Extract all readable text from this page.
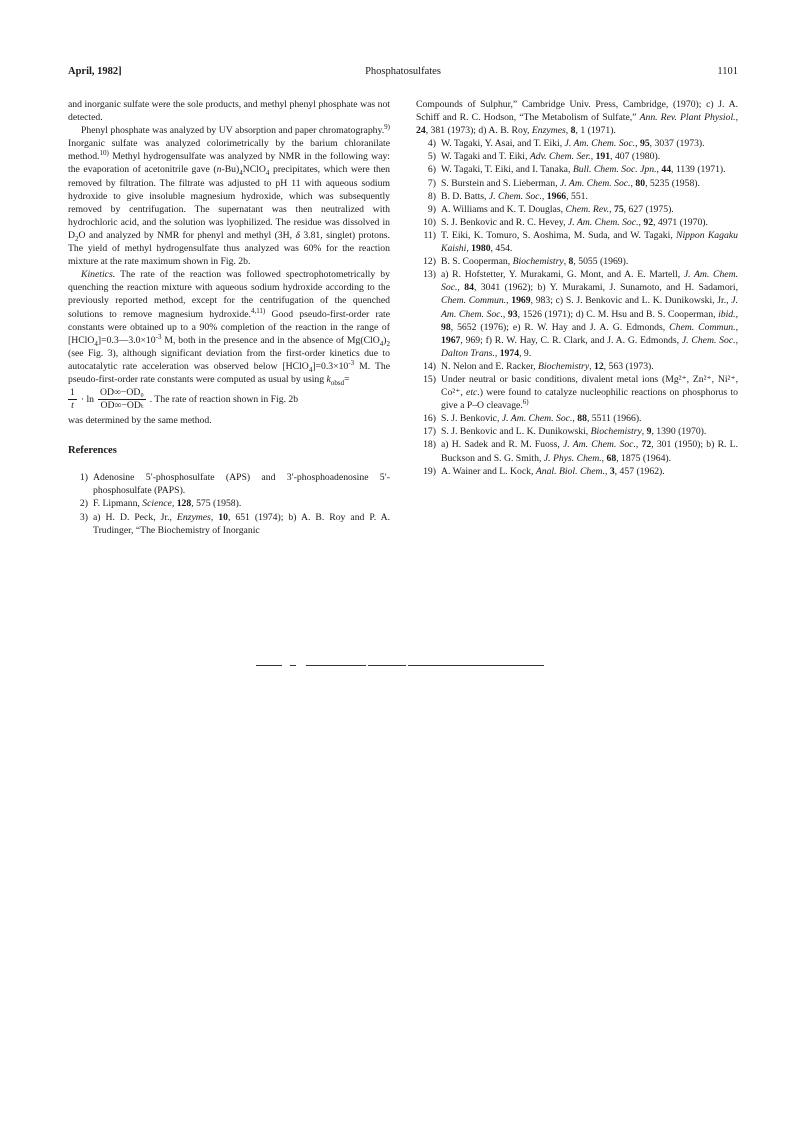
April, 1982]	Phosphatosulfates	1101

and inorganic sulfate were the sole products, and methyl phenyl phosphate was not detected.

Phenyl phosphate was analyzed by UV absorption and paper chromatography.$^{9)}$ Inorganic sulfate was analyzed colorimetrically by the barium chloranilate method.$^{10)}$ Methyl hydrogensulfate was analyzed by NMR in the following way: the evaporation of acetonitrile gave $(n-Bu)_4NClO_4$ precipitates, which were then removed by filtration. The filtrate was adjusted to pH 11 with aqueous sodium hydroxide to give insoluble magnesium hydroxide, which was subsequently removed by centrifugation. The supernatant was then neutralized with hydrochloric acid, and the solution was lyophilized. The residue was dissolved in $D_2O$ and analyzed by NMR for phenyl and methyl (3H, δ 3.81, singlet) protons. The yield of methyl hydrogensulfate thus analyzed was 60% for the reaction mixture at the rate maximum shown in Fig. 2b.

Kinetics. The rate of the reaction was followed spectrophotometrically by quenching the reaction mixture with aqueous sodium hydroxide according to the previously reported method, except for the centrifugation of the quenched solutions to remove magnesium hydroxide.$^{4,11)}$ Good pseudo-first-order rate constants were obtained up to a 90% completion of the reaction in the range of $[HClO_4]=0.3—3.0\times 10^{-3}$ M, both in the presence and in the absence of $Mg(ClO_4)_2$ (see Fig. 3), although significant deviation from the first-order kinetics due to autocatalytic rate acceleration was observed below $[HClO_4]=0.3\times 10^{-3}$ M. The pseudo-first-order rate constants were computed as usual by using $k_{obsd}=$

$\frac{1}{t} \cdot \ln \frac{\text{OD∞−OD₀}}{\text{OD∞−ODₜ}}$ . The rate of reaction shown in Fig. 2b

was determined by the same method.

References
1) Adenosine 5′-phosphosulfate (APS) and 3′-phosphoadenosine 5′-phosphosulfate (PAPS).
2) F. Lipmann, Science, 128, 575 (1958).
3) a) H. D. Peck, Jr., Enzymes, 10, 651 (1974); b) A. B. Roy and P. A. Trudinger, “The Biochemistry of Inorganic

Compounds of Sulphur,” Cambridge Univ. Press, Cambridge, (1970); c) J. A. Schiff and R. C. Hodson, “The Metabolism of Sulfate,” Ann. Rev. Plant Physiol., 24, 381 (1973); d) A. B. Roy, Enzymes, 8, 1 (1971).

4) W. Tagaki, Y. Asai, and T. Eiki, J. Am. Chem. Soc., 95, 3037 (1973).
5) W. Tagaki and T. Eiki, Adv. Chem. Ser., 191, 407 (1980).
6) W. Tagaki, T. Eiki, and I. Tanaka, Bull. Chem. Soc. Jpn., 44, 1139 (1971).
7) S. Burstein and S. Lieberman, J. Am. Chem. Soc., 80, 5235 (1958).
8) B. D. Batts, J. Chem. Soc., 1966, 551.
9) A. Williams and K. T. Douglas, Chem. Rev., 75, 627 (1975).
10) S. J. Benkovic and R. C. Hevey, J. Am. Chem. Soc., 92, 4971 (1970).
11) T. Eiki, K. Tomuro, S. Aoshima, M. Suda, and W. Tagaki, Nippon Kagaku Kaishi, 1980, 454.
12) B. S. Cooperman, Biochemistry, 8, 5055 (1969).
13) a) R. Hofstetter, Y. Murakami, G. Mont, and A. E. Martell, J. Am. Chem. Soc., 84, 3041 (1962); b) Y. Murakami, J. Sunamoto, and H. Sadamori, Chem. Commun., 1969, 983; c) S. J. Benkovic and L. K. Dunikowski, Jr., J. Am. Chem. Soc., 93, 1526 (1971); d) C. M. Hsu and B. S. Cooperman, ibid., 98, 5652 (1976); e) R. W. Hay and J. A. G. Edmonds, Chem. Commun., 1967, 969; f) R. W. Hay, C. R. Clark, and J. A. G. Edmonds, J. Chem. Soc., Dalton Trans., 1974, 9.
14) N. Nelon and E. Racker, Biochemistry, 12, 563 (1973).
15) Under neutral or basic conditions, divalent metal ions (Mg²⁺, Zn²⁺, Ni²⁺, Co²⁺, etc.) were found to catalyze nucleophilic reactions on phosphorus to give a P–O cleavage.$^{6)}$
16) S. J. Benkovic, J. Am. Chem. Soc., 88, 5511 (1966).
17) S. J. Benkovic and L. K. Dunikowski, Biochemistry, 9, 1390 (1970).
18) a) H. Sadek and R. M. Fuoss, J. Am. Chem. Soc., 72, 301 (1950); b) R. L. Buckson and S. G. Smith, J. Phys. Chem., 68, 1875 (1964).
19) A. Wainer and L. Kock, Anal. Biol. Chem., 3, 457 (1962).
